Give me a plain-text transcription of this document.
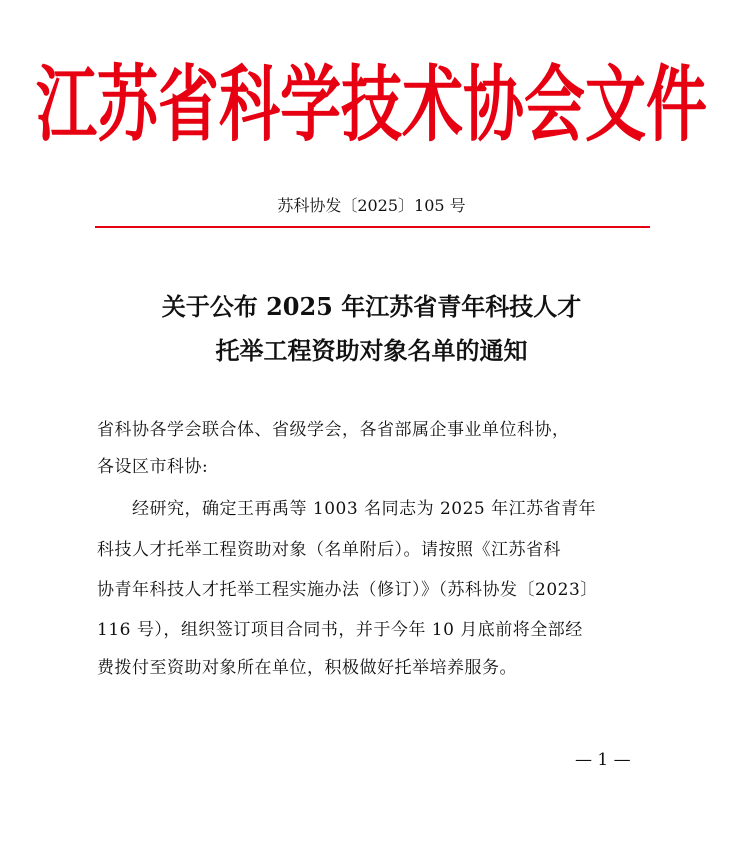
江苏省科学技术协会文件
苏科协发〔2025〕105 号
关于公布 2025 年江苏省青年科技人才
托举工程资助对象名单的通知
省科协各学会联合体、省级学会，各省部属企事业单位科协，
各设区市科协:
　　经研究，确定王再禹等 1003 名同志为 2025 年江苏省青年
科技人才托举工程资助对象（名单附后）。请按照《江苏省科
协青年科技人才托举工程实施办法（修订）》（苏科协发〔2023〕
116 号），组织签订项目合同书，并于今年 10 月底前将全部经
费拨付至资助对象所在单位，积极做好托举培养服务。
— 1 —
